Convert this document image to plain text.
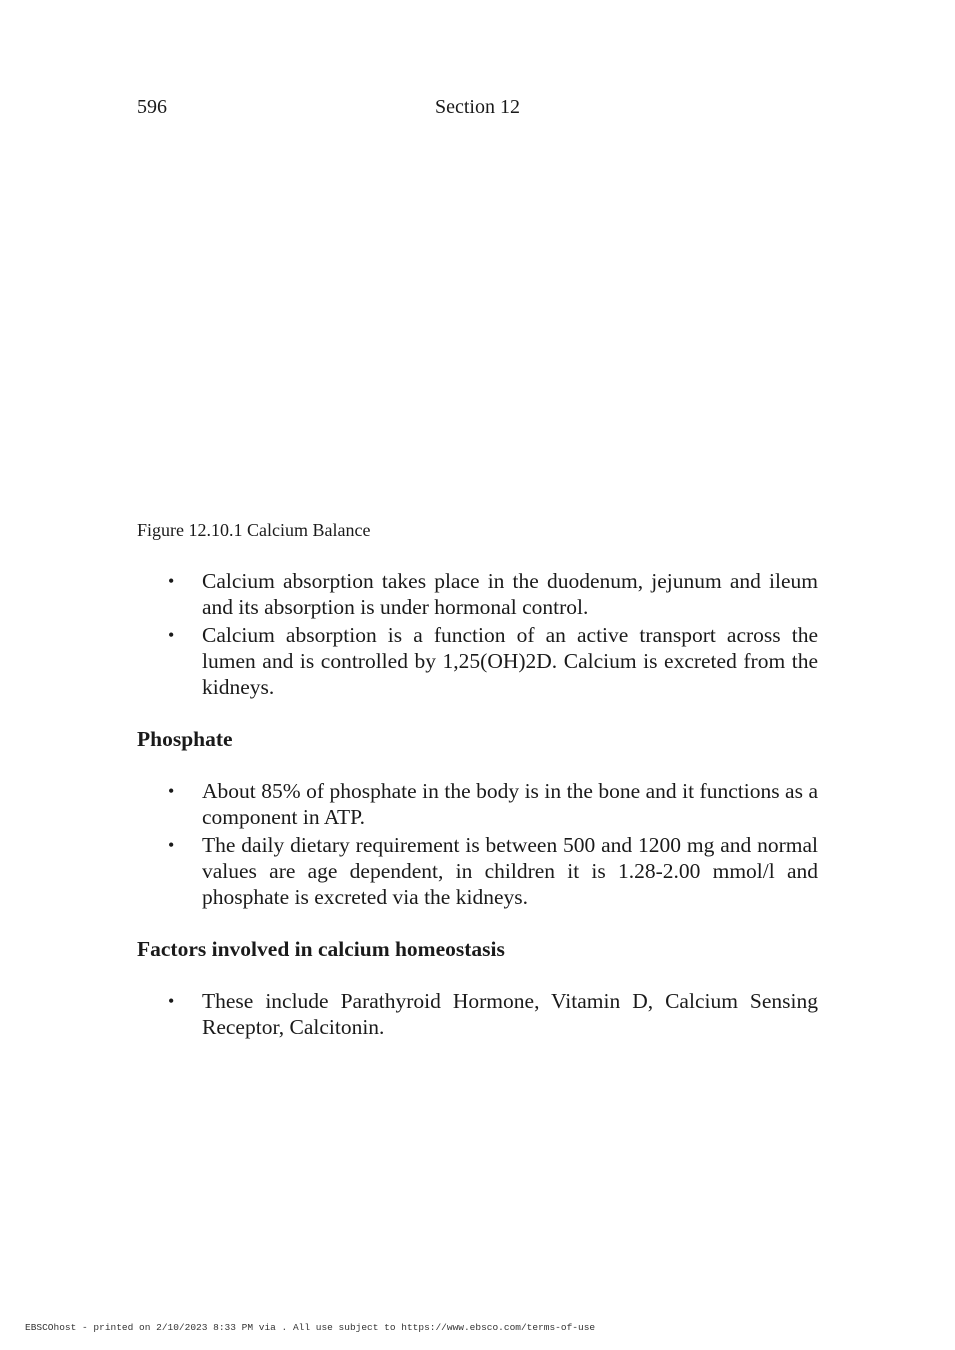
596	Section 12

Figure 12.10.1 Calcium Balance

• Calcium absorption takes place in the duodenum, jejunum and ileum and its absorption is under hormonal control.
• Calcium absorption is a function of an active transport across the lumen and is controlled by 1,25(OH)2D. Calcium is excreted from the kidneys.
Phosphate
• About 85% of phosphate in the body is in the bone and it functions as a component in ATP.
• The daily dietary requirement is between 500 and 1200 mg and normal values are age dependent, in children it is 1.28-2.00 mmol/l and phosphate is excreted via the kidneys.
Factors involved in calcium homeostasis
• These include Parathyroid Hormone, Vitamin D, Calcium Sensing Receptor, Calcitonin.
EBSCOhost - printed on 2/10/2023 8:33 PM via . All use subject to https://www.ebsco.com/terms-of-use
